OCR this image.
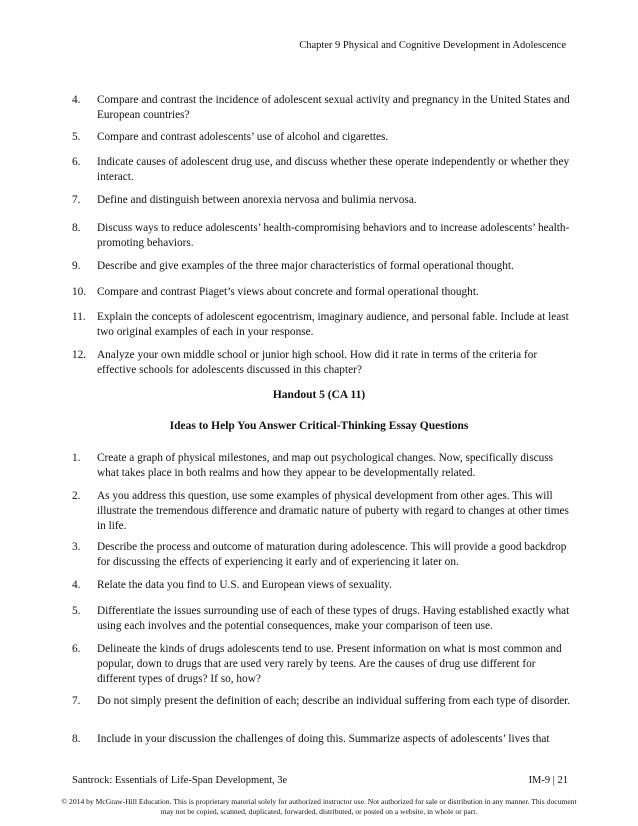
Chapter 9 Physical and Cognitive Development in Adolescence
4. Compare and contrast the incidence of adolescent sexual activity and pregnancy in the United States and European countries?
5. Compare and contrast adolescents’ use of alcohol and cigarettes.
6. Indicate causes of adolescent drug use, and discuss whether these operate independently or whether they interact.
7. Define and distinguish between anorexia nervosa and bulimia nervosa.
8. Discuss ways to reduce adolescents’ health-compromising behaviors and to increase adolescents’ health-promoting behaviors.
9. Describe and give examples of the three major characteristics of formal operational thought.
10. Compare and contrast Piaget’s views about concrete and formal operational thought.
11. Explain the concepts of adolescent egocentrism, imaginary audience, and personal fable. Include at least two original examples of each in your response.
12. Analyze your own middle school or junior high school. How did it rate in terms of the criteria for effective schools for adolescents discussed in this chapter?
Handout 5 (CA 11)
Ideas to Help You Answer Critical-Thinking Essay Questions
1. Create a graph of physical milestones, and map out psychological changes. Now, specifically discuss what takes place in both realms and how they appear to be developmentally related.
2. As you address this question, use some examples of physical development from other ages. This will illustrate the tremendous difference and dramatic nature of puberty with regard to changes at other times in life.
3. Describe the process and outcome of maturation during adolescence. This will provide a good backdrop for discussing the effects of experiencing it early and of experiencing it later on.
4. Relate the data you find to U.S. and European views of sexuality.
5. Differentiate the issues surrounding use of each of these types of drugs. Having established exactly what using each involves and the potential consequences, make your comparison of teen use.
6. Delineate the kinds of drugs adolescents tend to use. Present information on what is most common and popular, down to drugs that are used very rarely by teens. Are the causes of drug use different for different types of drugs? If so, how?
7. Do not simply present the definition of each; describe an individual suffering from each type of disorder.
8. Include in your discussion the challenges of doing this. Summarize aspects of adolescents’ lives that
Santrock: Essentials of Life-Span Development, 3e	IM-9 | 21
© 2014 by McGraw-Hill Education. This is proprietary material solely for authorized instructor use. Not authorized for sale or distribution in any manner. This document may not be copied, scanned, duplicated, forwarded, distributed, or posted on a website, in whole or part.
